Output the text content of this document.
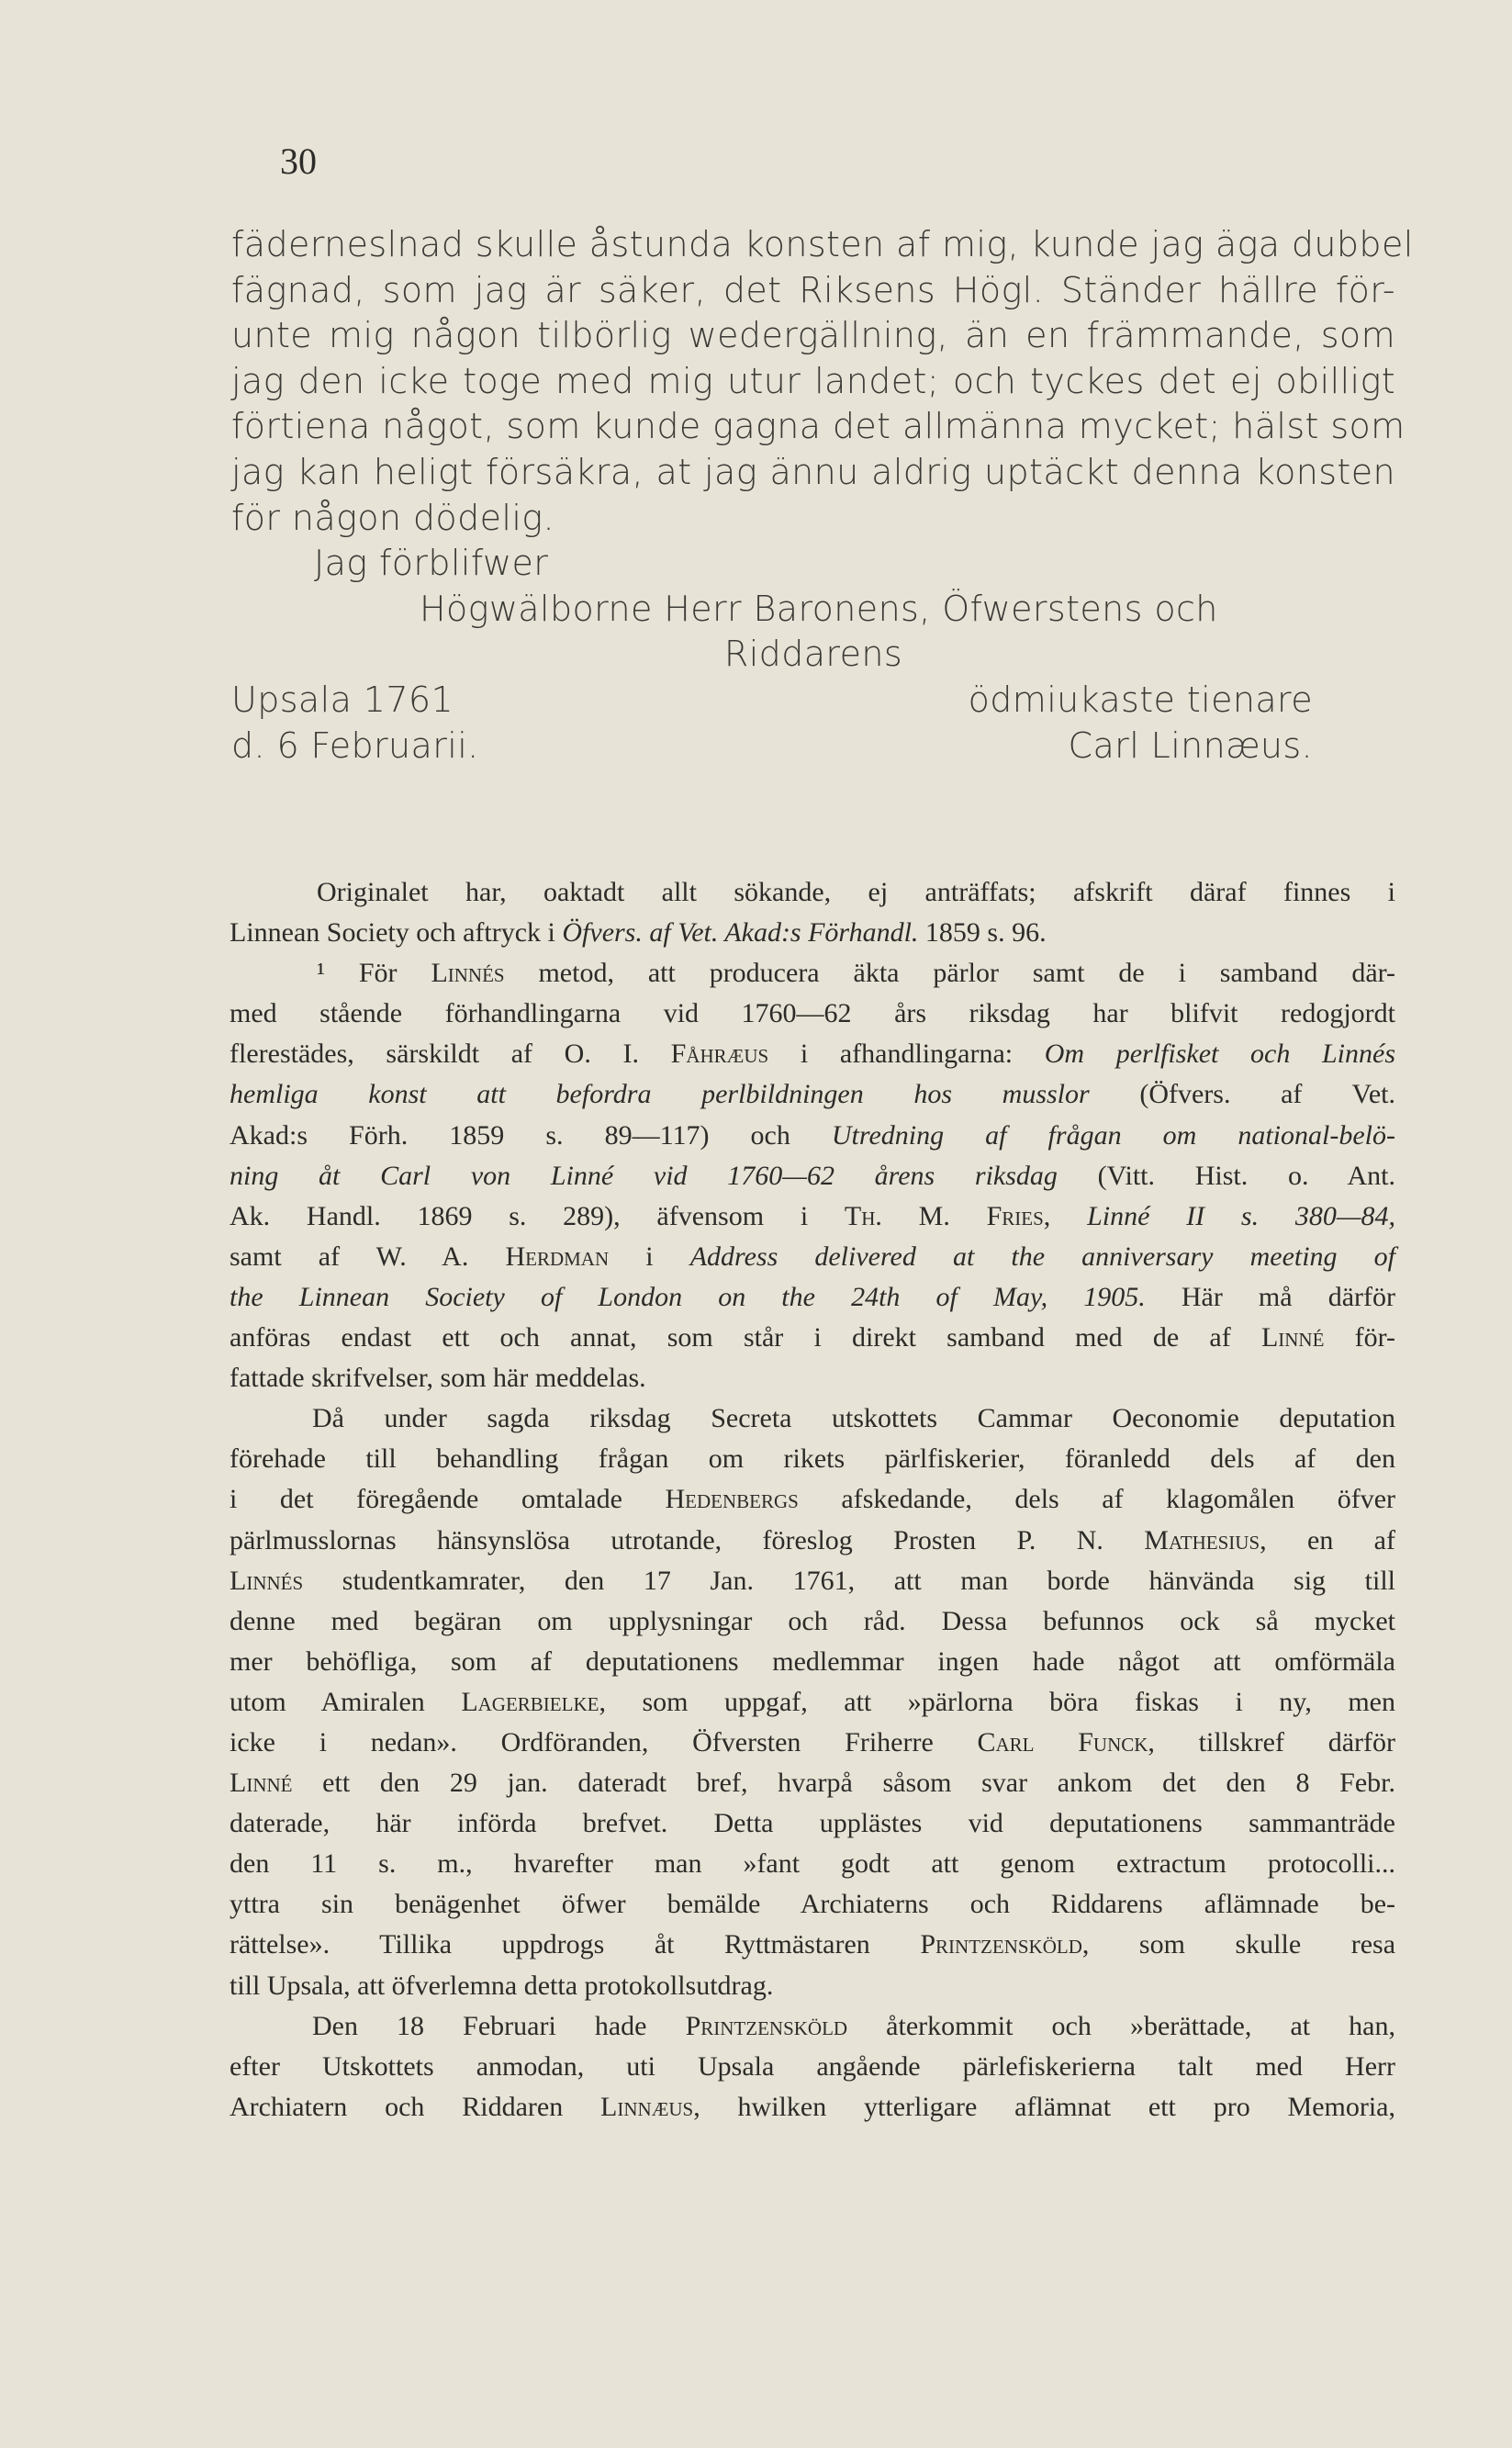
30
fäderneslnad skulle åstunda konsten af mig, kunde jag äga dubbel
fägnad, som jag är säker, det Riksens Högl. Ständer hällre för-
unte mig någon tilbörlig wedergällning, än en främmande, som
jag den icke toge med mig utur landet; och tyckes det ej obilligt
förtiena något, som kunde gagna det allmänna mycket; hälst som
jag kan heligt försäkra, at jag ännu aldrig uptäckt denna konsten
för någon dödelig.
Jag förblifwer
Högwälborne Herr Baronens, Öfwerstens och
Riddarens
Upsala 1761	ödmiukaste tienare
d. 6 Februarii.	Carl Linnæus.
Originalet har, oaktadt allt sökande, ej anträffats; afskrift däraf finnes i
Linnean Society och aftryck i Öfvers. af Vet. Akad:s Förhandl. 1859 s. 96.
¹ För Linnés metod, att producera äkta pärlor samt de i samband där-
med stående förhandlingarna vid 1760—62 års riksdag har blifvit redogjordt
flerestädes, särskildt af O. I. Fåhræus i afhandlingarna: Om perlfisket och Linnés
hemliga konst att befordra perlbildningen hos musslor (Öfvers. af Vet.
Akad:s Förh. 1859 s. 89—117) och Utredning af frågan om national-belö-
ning åt Carl von Linné vid 1760—62 årens riksdag (Vitt. Hist. o. Ant.
Ak. Handl. 1869 s. 289), äfvensom i Th. M. Fries, Linné II s. 380—84,
samt af W. A. Herdman i Address delivered at the anniversary meeting of
the Linnean Society of London on the 24th of May, 1905. Här må därför
anföras endast ett och annat, som står i direkt samband med de af Linné för-
fattade skrifvelser, som här meddelas.
Då under sagda riksdag Secreta utskottets Cammar Oeconomie deputation
förehade till behandling frågan om rikets pärlfiskerier, föranledd dels af den
i det föregående omtalade Hedenbergs afskedande, dels af klagomålen öfver
pärlmusslornas hänsynslösa utrotande, föreslog Prosten P. N. Mathesius, en af
Linnés studentkamrater, den 17 Jan. 1761, att man borde hänvända sig till
denne med begäran om upplysningar och råd. Dessa befunnos ock så mycket
mer behöfliga, som af deputationens medlemmar ingen hade något att omförmäla
utom Amiralen Lagerbielke, som uppgaf, att »pärlorna böra fiskas i ny, men
icke i nedan». Ordföranden, Öfversten Friherre Carl Funck, tillskref därför
Linné ett den 29 jan. dateradt bref, hvarpå såsom svar ankom det den 8 Febr.
daterade, här införda brefvet. Detta upplästes vid deputationens sammanträde
den 11 s. m., hvarefter man »fant godt att genom extractum protocolli...
yttra sin benägenhet öfwer bemälde Archiaterns och Riddarens aflämnade be-
rättelse». Tillika uppdrogs åt Ryttmästaren Printzensköld, som skulle resa
till Upsala, att öfverlemna detta protokollsutdrag.
Den 18 Februari hade Printzensköld återkommit och »berättade, at han,
efter Utskottets anmodan, uti Upsala angående pärlefiskerierna talt med Herr
Archiatern och Riddaren Linnæus, hwilken ytterligare aflämnat ett pro Memoria,
